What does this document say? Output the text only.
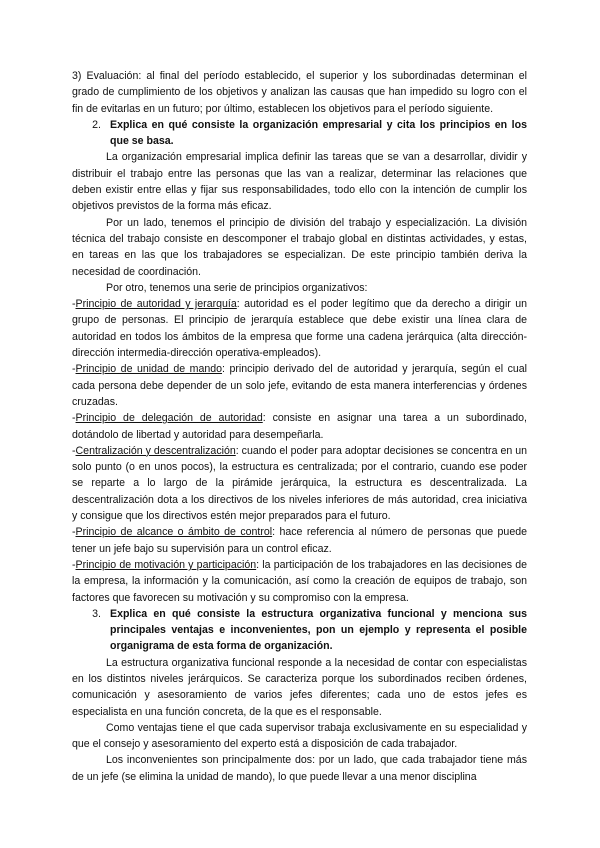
3) Evaluación: al final del período establecido, el superior y los subordinadas determinan el grado de cumplimiento de los objetivos y analizan las causas que han impedido su logro con el fin de evitarlas en un futuro; por último, establecen los objetivos para el período siguiente.

2. Explica en qué consiste la organización empresarial y cita los principios en los que se basa.

La organización empresarial implica definir las tareas que se van a desarrollar, dividir y distribuir el trabajo entre las personas que las van a realizar, determinar las relaciones que deben existir entre ellas y fijar sus responsabilidades, todo ello con la intención de cumplir los objetivos previstos de la forma más eficaz.

Por un lado, tenemos el principio de división del trabajo y especialización. La división técnica del trabajo consiste en descomponer el trabajo global en distintas actividades, y estas, en tareas en las que los trabajadores se especializan. De este principio también deriva la necesidad de coordinación.

Por otro, tenemos una serie de principios organizativos:

-Principio de autoridad y jerarquía: autoridad es el poder legítimo que da derecho a dirigir un grupo de personas. El principio de jerarquía establece que debe existir una línea clara de autoridad en todos los ámbitos de la empresa que forme una cadena jerárquica (alta dirección-dirección intermedia-dirección operativa-empleados).

-Principio de unidad de mando: principio derivado del de autoridad y jerarquía, según el cual cada persona debe depender de un solo jefe, evitando de esta manera interferencias y órdenes cruzadas.

-Principio de delegación de autoridad: consiste en asignar una tarea a un subordinado, dotándolo de libertad y autoridad para desempeñarla.

-Centralización y descentralización: cuando el poder para adoptar decisiones se concentra en un solo punto (o en unos pocos), la estructura es centralizada; por el contrario, cuando ese poder se reparte a lo largo de la pirámide jerárquica, la estructura es descentralizada. La descentralización dota a los directivos de los niveles inferiores de más autoridad, crea iniciativa y consigue que los directivos estén mejor preparados para el futuro.

-Principio de alcance o ámbito de control: hace referencia al número de personas que puede tener un jefe bajo su supervisión para un control eficaz.

-Principio de motivación y participación: la participación de los trabajadores en las decisiones de la empresa, la información y la comunicación, así como la creación de equipos de trabajo, son factores que favorecen su motivación y su compromiso con la empresa.

3. Explica en qué consiste la estructura organizativa funcional y menciona sus principales ventajas e inconvenientes, pon un ejemplo y representa el posible organigrama de esta forma de organización.

La estructura organizativa funcional responde a la necesidad de contar con especialistas en los distintos niveles jerárquicos. Se caracteriza porque los subordinados reciben órdenes, comunicación y asesoramiento de varios jefes diferentes; cada uno de estos jefes es especialista en una función concreta, de la que es el responsable.

Como ventajas tiene el que cada supervisor trabaja exclusivamente en su especialidad y que el consejo y asesoramiento del experto está a disposición de cada trabajador.

Los inconvenientes son principalmente dos: por un lado, que cada trabajador tiene más de un jefe (se elimina la unidad de mando), lo que puede llevar a una menor disciplina
